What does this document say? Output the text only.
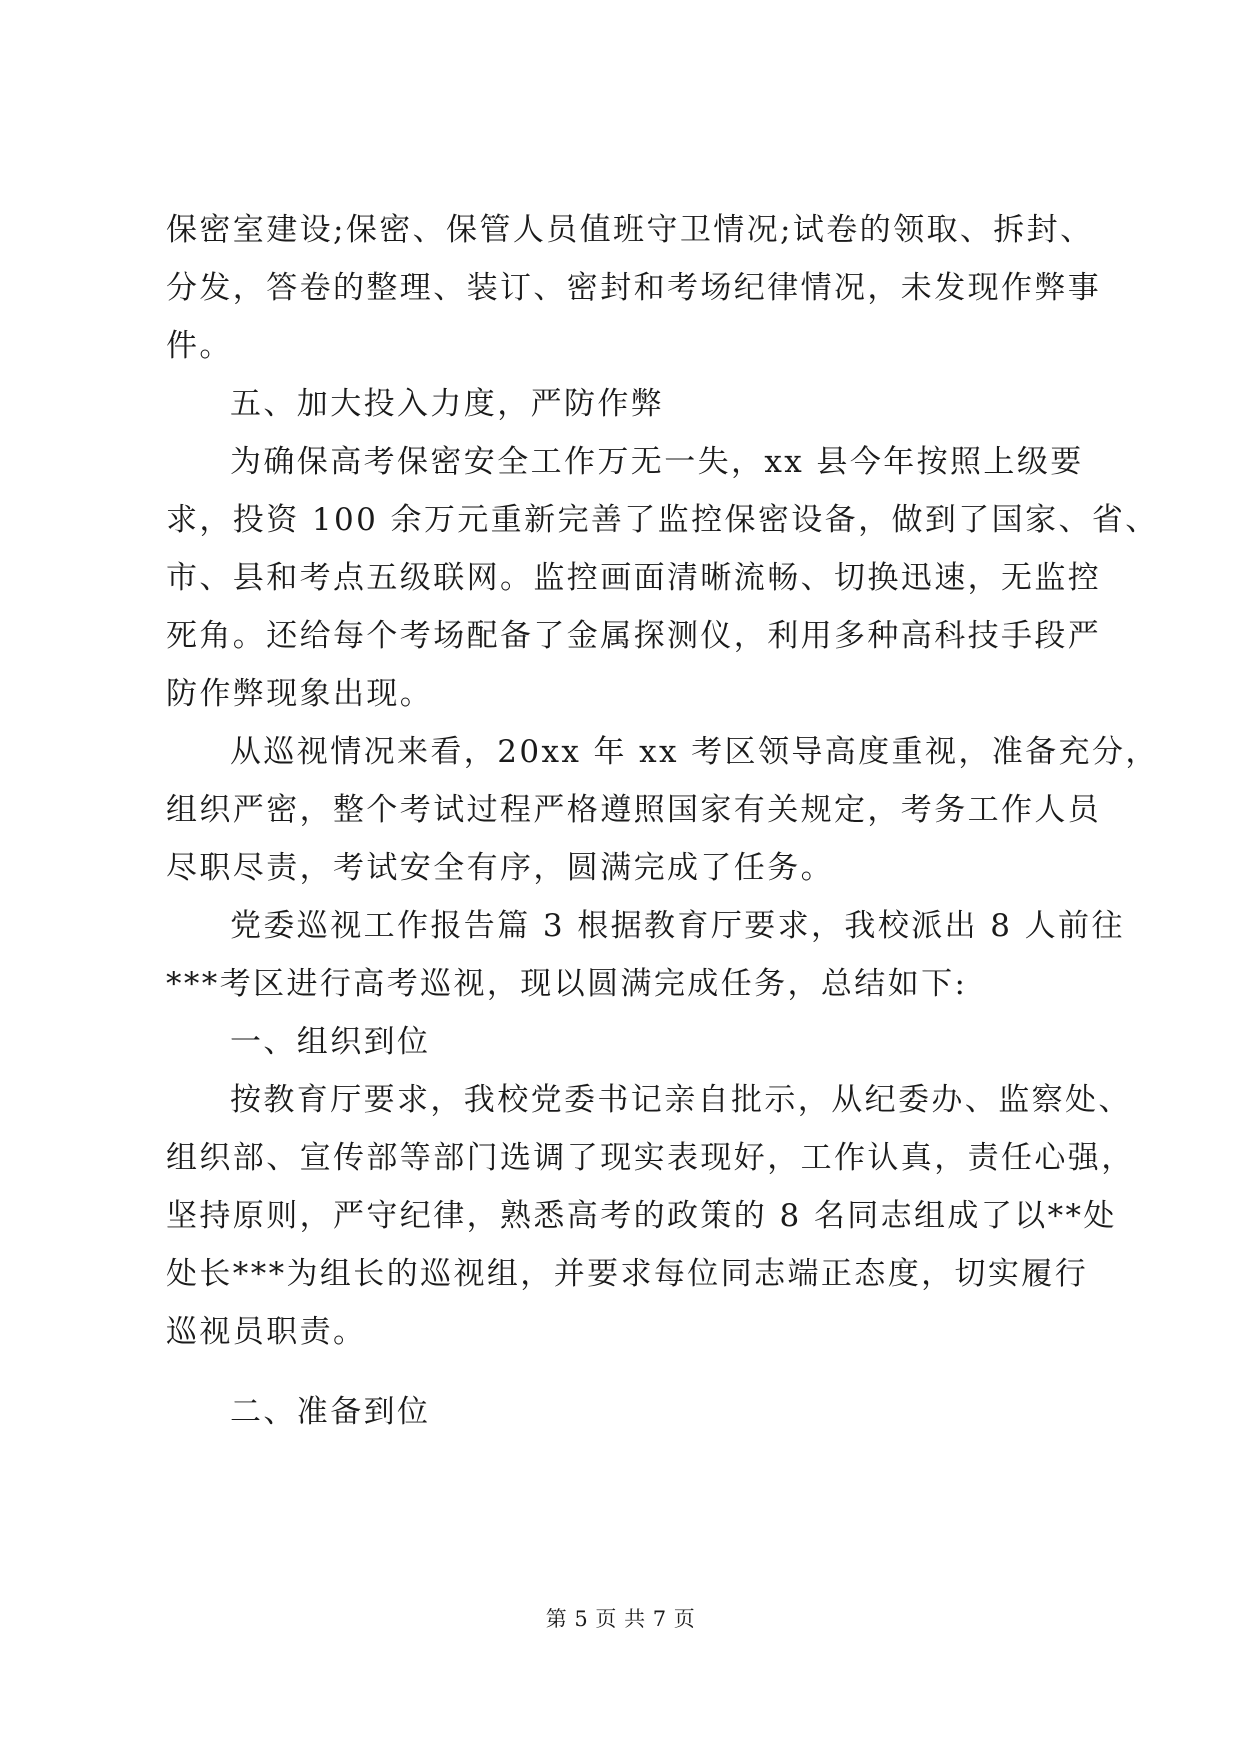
保密室建设;保密、保管人员值班守卫情况;试卷的领取、拆封、
分发，答卷的整理、装订、密封和考场纪律情况，未发现作弊事
件。
五、加大投入力度，严防作弊
为确保高考保密安全工作万无一失，xx 县今年按照上级要
求，投资 100 余万元重新完善了监控保密设备，做到了国家、省、
市、县和考点五级联网。监控画面清晰流畅、切换迅速，无监控
死角。还给每个考场配备了金属探测仪，利用多种高科技手段严
防作弊现象出现。
从巡视情况来看，20xx 年 xx 考区领导高度重视，准备充分，
组织严密，整个考试过程严格遵照国家有关规定，考务工作人员
尽职尽责，考试安全有序，圆满完成了任务。
党委巡视工作报告篇 3 根据教育厅要求，我校派出 8 人前往
***考区进行高考巡视，现以圆满完成任务，总结如下:
一、组织到位
按教育厅要求，我校党委书记亲自批示，从纪委办、监察处、
组织部、宣传部等部门选调了现实表现好，工作认真，责任心强，
坚持原则，严守纪律，熟悉高考的政策的 8 名同志组成了以**处
处长***为组长的巡视组，并要求每位同志端正态度，切实履行
巡视员职责。
二、准备到位
第 5 页 共 7 页
